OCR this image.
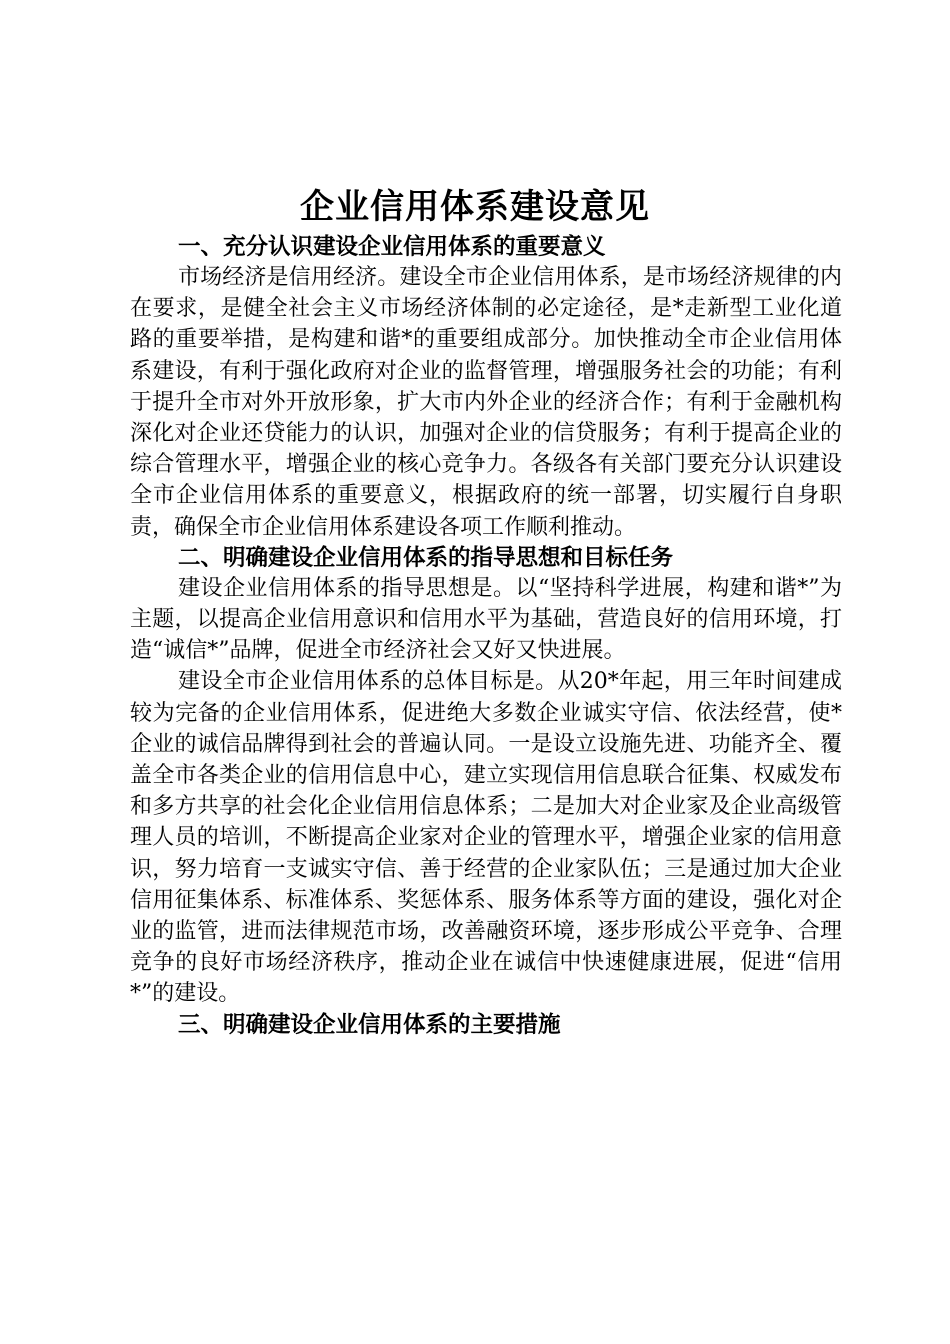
企业信用体系建设意见
一、充分认识建设企业信用体系的重要意义

市场经济是信用经济。建设全市企业信用体系，是市场经济规律的内在要求，是健全社会主义市场经济体制的必定途径，是*走新型工业化道路的重要举措，是构建和谐*的重要组成部分。加快推动全市企业信用体系建设，有利于强化政府对企业的监督管理，增强服务社会的功能；有利于提升全市对外开放形象，扩大市内外企业的经济合作；有利于金融机构深化对企业还贷能力的认识，加强对企业的信贷服务；有利于提高企业的综合管理水平，增强企业的核心竞争力。各级各有关部门要充分认识建设全市企业信用体系的重要意义，根据政府的统一部署，切实履行自身职责，确保全市企业信用体系建设各项工作顺利推动。

二、明确建设企业信用体系的指导思想和目标任务

建设企业信用体系的指导思想是。以“坚持科学进展，构建和谐*”为主题，以提高企业信用意识和信用水平为基础，营造良好的信用环境，打造“诚信*”品牌，促进全市经济社会又好又快进展。

建设全市企业信用体系的总体目标是。从20*年起，用三年时间建成较为完备的企业信用体系，促进绝大多数企业诚实守信、依法经营，使*企业的诚信品牌得到社会的普遍认同。一是设立设施先进、功能齐全、覆盖全市各类企业的信用信息中心，建立实现信用信息联合征集、权威发布和多方共享的社会化企业信用信息体系；二是加大对企业家及企业高级管理人员的培训，不断提高企业家对企业的管理水平，增强企业家的信用意识，努力培育一支诚实守信、善于经营的企业家队伍；三是通过加大企业信用征集体系、标准体系、奖惩体系、服务体系等方面的建设，强化对企业的监管，进而法律规范市场，改善融资环境，逐步形成公平竞争、合理竞争的良好市场经济秩序，推动企业在诚信中快速健康进展，促进“信用*”的建设。

三、明确建设企业信用体系的主要措施
